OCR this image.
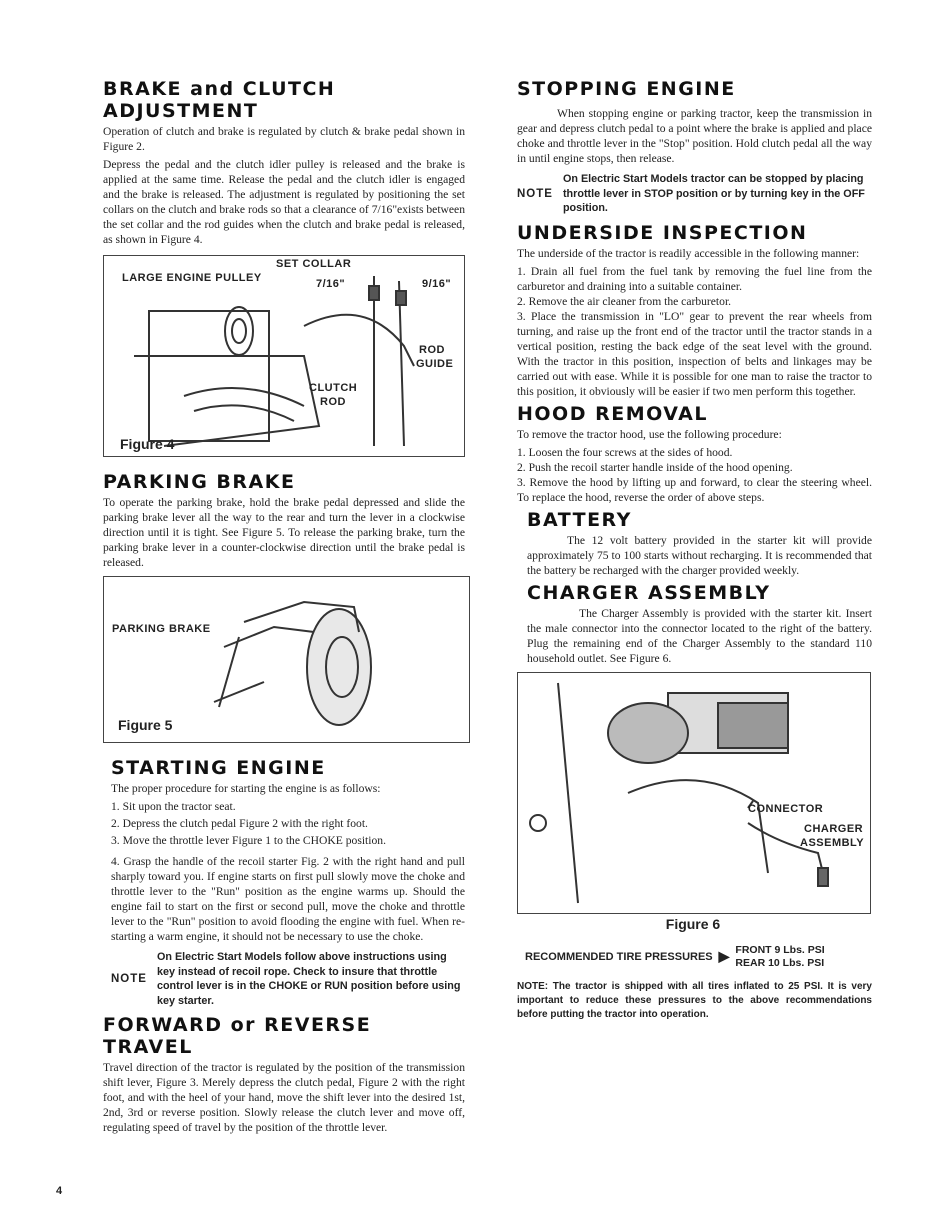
BRAKE and CLUTCH ADJUSTMENT

Operation of clutch and brake is regulated by clutch & brake pedal shown in Figure 2.

Depress the pedal and the clutch idler pulley is released and the brake is applied at the same time. Release the pedal and the clutch idler is engaged and the brake is released. The adjustment is regulated by positioning the set collars on the clutch and brake rods so that a clearance of 7/16"exists between the set collar and the rod guides when the clutch and brake pedal is released, as shown in Figure 4.

LARGE ENGINE PULLEY
SET COLLAR
7/16"	9/16"
ROD
GUIDE
CLUTCH
ROD
Figure 4
PARKING BRAKE

To operate the parking brake, hold the brake pedal depressed and slide the parking brake lever all the way to the rear and turn the lever in a clockwise direction until it is tight. See Figure 5. To release the parking brake, turn the parking brake lever in a counter-clockwise direction until the brake pedal is released.

PARKING BRAKE
Figure 5
STARTING ENGINE

The proper procedure for starting the engine is as follows:

1. Sit upon the tractor seat.

2. Depress the clutch pedal Figure 2 with the right foot.

3. Move the throttle lever Figure 1 to the CHOKE position.

4. Grasp the handle of the recoil starter Fig. 2 with the right hand and pull sharply toward you. If engine starts on first pull slowly move the choke and throttle lever to the "Run" position as the engine warms up. Should the engine fail to start on the first or second pull, move the choke and throttle lever to the "Run" position to avoid flooding the engine with fuel. When re-starting a warm engine, it should not be necessary to use the choke.

NOTE
On Electric Start Models follow above instructions using key instead of recoil rope. Check to insure that throttle control lever is in the CHOKE or RUN position before using key starter.
FORWARD or REVERSE TRAVEL

Travel direction of the tractor is regulated by the position of the transmission shift lever, Figure 3. Merely depress the clutch pedal, Figure 2 with the right foot, and with the heel of your hand, move the shift lever into the desired 1st, 2nd, 3rd or reverse position. Slowly release the clutch lever and move off, regulating speed of travel by the position of the throttle lever.

STOPPING ENGINE

When stopping engine or parking tractor, keep the transmission in gear and depress clutch pedal to a point where the brake is applied and place choke and throttle lever in the "Stop" position. Hold clutch pedal all the way in until engine stops, then release.

NOTE
On Electric Start Models tractor can be stopped by placing throttle lever in STOP position or by turning key in the OFF position.
UNDERSIDE INSPECTION

The underside of the tractor is readily accessible in the following manner:

1. Drain all fuel from the fuel tank by removing the fuel line from the carburetor and draining into a suitable container.

2. Remove the air cleaner from the carburetor.

3. Place the transmission in "LO" gear to prevent the rear wheels from turning, and raise up the front end of the tractor until the tractor stands in a vertical position, resting the back edge of the seat level with the ground. With the tractor in this position, inspection of belts and linkages may be carried out with ease. While it is possible for one man to raise the tractor to this position, it obviously will be easier if two men perform this together.

HOOD REMOVAL

To remove the tractor hood, use the following procedure:

1. Loosen the four screws at the sides of hood.

2. Push the recoil starter handle inside of the hood opening.

3. Remove the hood by lifting up and forward, to clear the steering wheel. To replace the hood, reverse the order of above steps.

BATTERY

The 12 volt battery provided in the starter kit will provide approximately 75 to 100 starts without recharging. It is recommended that the battery be recharged with the charger provided weekly.

CHARGER ASSEMBLY

The Charger Assembly is provided with the starter kit. Insert the male connector into the connector located to the right of the battery. Plug the remaining end of the Charger Assembly to the standard 110 household outlet. See Figure 6.

CONNECTOR
CHARGER
ASSEMBLY
Figure 6
RECOMMENDED TIRE PRESSURES ▶ FRONT 9 Lbs. PSI
REAR 10 Lbs. PSI

NOTE: The tractor is shipped with all tires inflated to 25 PSI. It is very important to reduce these pressures to the above recommendations before putting the tractor into operation.

4
